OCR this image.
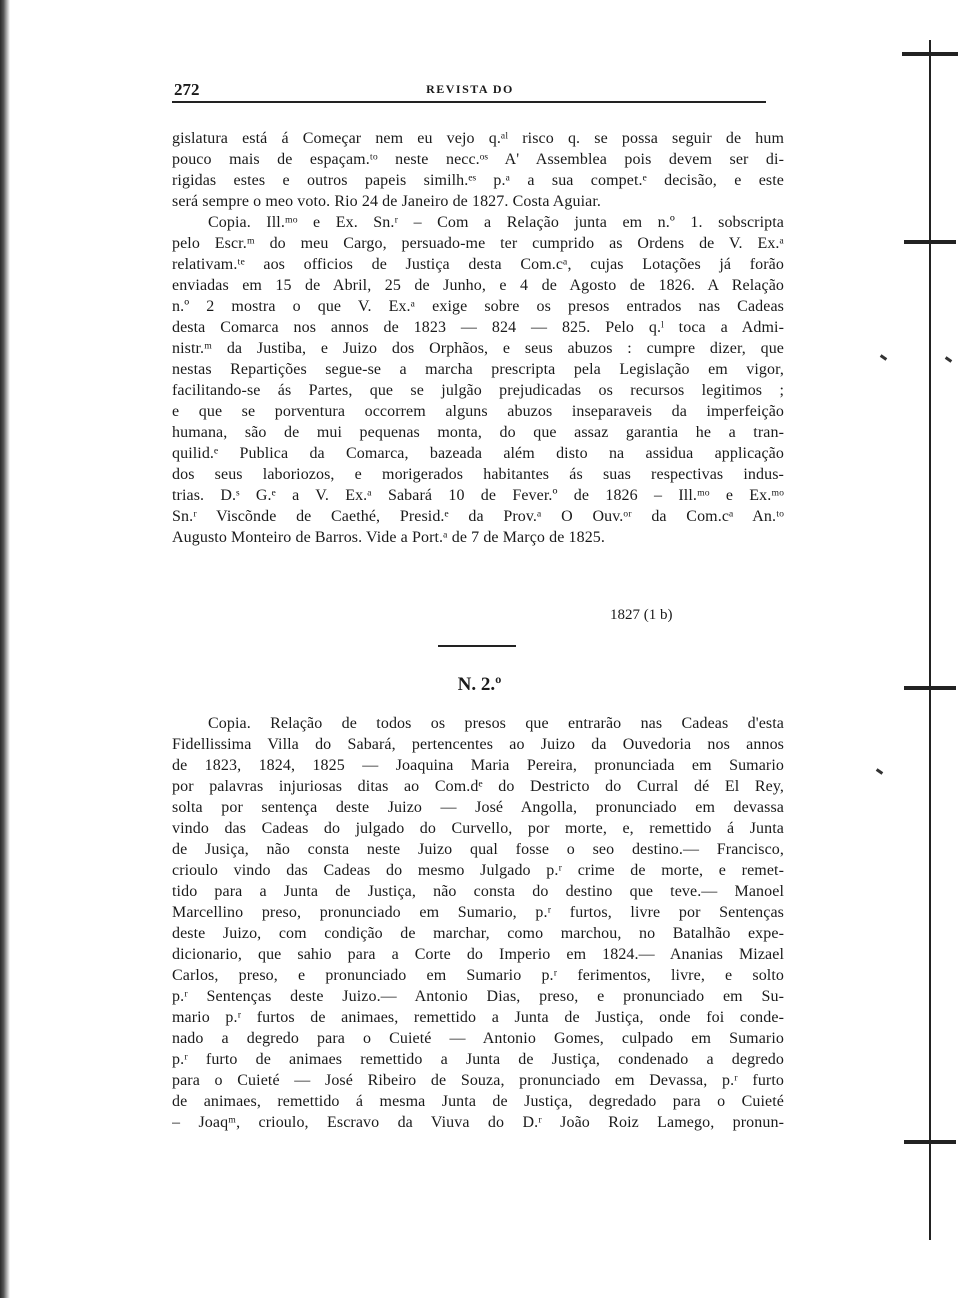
272	REVISTA DO
gislatura está á Começar nem eu vejo q.ᵃˡ risco q. se possa seguir de hum
pouco mais de espaçam.ᵗᵒ neste necc.ᵒˢ A' Assemblea pois devem ser di-
rigidas estes e outros papeis similh.ᵉˢ p.ᵃ a sua compet.ᵉ decisão, e este
será sempre o meo voto. Rio 24 de Janeiro de 1827. Costa Aguiar.
Copia. Ill.ᵐᵒ e Ex. Sn.ʳ – Com a Relação junta em n.º 1. sobscripta
pelo Escr.ᵐ do meu Cargo, persuado-me ter cumprido as Ordens de V. Ex.ᵃ
relativam.ᵗᵉ aos officios de Justiça desta Com.cᵃ, cujas Lotações já forão
enviadas em 15 de Abril, 25 de Junho, e 4 de Agosto de 1826. A Relação
n.º 2 mostra o que V. Ex.ᵃ exige sobre os presos entrados nas Cadeas
desta Comarca nos annos de 1823 — 824 — 825. Pelo q.ˡ toca a Admi-
nistr.ᵐ da Justiba, e Juizo dos Orphãos, e seus abuzos : cumpre dizer, que
nestas Repartições segue-se a marcha prescripta pela Legislação em vigor,
facilitando-se ás Partes, que se julgão prejudicadas os recursos legitimos ;
e que se porventura occorrem alguns abuzos inseparaveis da imperfeição
humana, são de mui pequenas monta, do que assaz garantia he a tran-
quilid.ᵉ Publica da Comarca, bazeada além disto na assidua applicação
dos seus laboriozos, e morigerados habitantes ás suas respectivas indus-
trias. D.ˢ G.ᵉ a V. Ex.ᵃ Sabará 10 de Fever.º de 1826 – Ill.ᵐᵒ e Ex.ᵐᵒ
Sn.ʳ Viscõnde de Caethé, Presid.ᵉ da Prov.ᵃ O Ouv.ᵒʳ da Com.cᵃ An.ᵗᵒ
Augusto Monteiro de Barros. Vide a Port.ᵃ de 7 de Março de 1825.
1827 (1 b)
N. 2.º
Copia. Relação de todos os presos que entrarão nas Cadeas d'esta
Fidellissima Villa do Sabará, pertencentes ao Juizo da Ouvedoria nos annos
de 1823, 1824, 1825 — Joaquina Maria Pereira, pronunciada em Sumario
por palavras injuriosas ditas ao Com.dᵉ do Destricto do Curral dé El Rey,
solta por sentença deste Juizo — José Angolla, pronunciado em devassa
vindo das Cadeas do julgado do Curvello, por morte, e, remettido á Junta
de Jusiça, não consta neste Juizo qual fosse o seo destino.— Francisco,
crioulo vindo das Cadeas do mesmo Julgado p.ʳ crime de morte, e remet-
tido para a Junta de Justiça, não consta do destino que teve.— Manoel
Marcellino preso, pronunciado em Sumario, p.ʳ furtos, livre por Sentenças
deste Juizo, com condição de marchar, como marchou, no Batalhão expe-
dicionario, que sahio para a Corte do Imperio em 1824.— Ananias Mizael
Carlos, preso, e pronunciado em Sumario p.ʳ ferimentos, livre, e solto
p.ʳ Sentenças deste Juizo.— Antonio Dias, preso, e pronunciado em Su-
mario p.ʳ furtos de animaes, remettido a Junta de Justiça, onde foi conde-
nado a degredo para o Cuieté — Antonio Gomes, culpado em Sumario
p.ʳ furto de animaes remettido a Junta de Justiça, condenado a degredo
para o Cuieté — José Ribeiro de Souza, pronunciado em Devassa, p.ʳ furto
de animaes, remettido á mesma Junta de Justiça, degredado para o Cuieté
– Joaqᵐ, crioulo, Escravo da Viuva do D.ʳ João Roiz Lamego, pronun-
